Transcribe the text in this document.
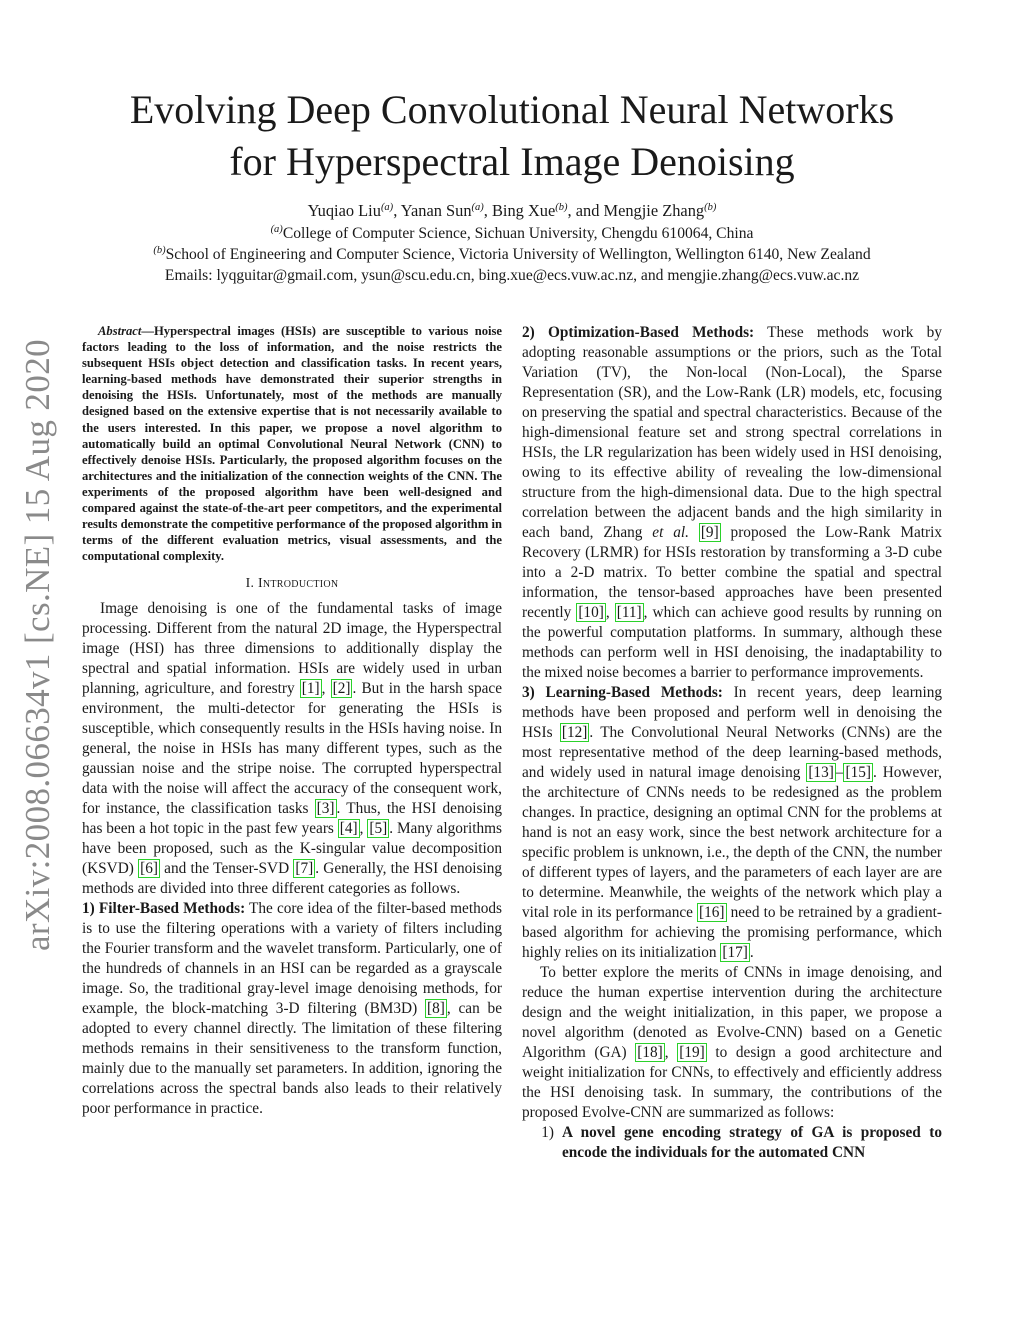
arXiv:2008.06634v1 [cs.NE] 15 Aug 2020
Evolving Deep Convolutional Neural Networks
for Hyperspectral Image Denoising
Yuqiao Liu$^{(a)}$, Yanan Sun$^{(a)}$, Bing Xue$^{(b)}$, and Mengjie Zhang$^{(b)}$
$^{(a)}$College of Computer Science, Sichuan University, Chengdu 610064, China
$^{(b)}$School of Engineering and Computer Science, Victoria University of Wellington, Wellington 6140, New Zealand
Emails: lyqguitar@gmail.com, ysun@scu.edu.cn, bing.xue@ecs.vuw.ac.nz, and mengjie.zhang@ecs.vuw.ac.nz

Abstract—Hyperspectral images (HSIs) are susceptible to various noise factors leading to the loss of information, and the noise restricts the subsequent HSIs object detection and classification tasks. In recent years, learning-based methods have demonstrated their superior strengths in denoising the HSIs. Unfortunately, most of the methods are manually designed based on the extensive expertise that is not necessarily available to the users interested. In this paper, we propose a novel algorithm to automatically build an optimal Convolutional Neural Network (CNN) to effectively denoise HSIs. Particularly, the proposed algorithm focuses on the architectures and the initialization of the connection weights of the CNN. The experiments of the proposed algorithm have been well-designed and compared against the state-of-the-art peer competitors, and the experimental results demonstrate the competitive performance of the proposed algorithm in terms of the different evaluation metrics, visual assessments, and the computational complexity.

I. Introduction

Image denoising is one of the fundamental tasks of image processing. Different from the natural 2D image, the Hyperspectral image (HSI) has three dimensions to additionally display the spectral and spatial information. HSIs are widely used in urban planning, agriculture, and forestry [1] , [2] . But in the harsh space environment, the multi-detector for generating the HSIs is susceptible, which consequently results in the HSIs having noise. In general, the noise in HSIs has many different types, such as the gaussian noise and the stripe noise. The corrupted hyperspectral data with the noise will affect the accuracy of the consequent work, for instance, the classification tasks [3] . Thus, the HSI denoising has been a hot topic in the past few years [4] , [5] . Many algorithms have been proposed, such as the K-singular value decomposition (KSVD) [6] and the Tenser-SVD [7] . Generally, the HSI denoising methods are divided into three different categories as follows.

1) Filter-Based Methods: The core idea of the filter-based methods is to use the filtering operations with a variety of filters including the Fourier transform and the wavelet transform. Particularly, one of the hundreds of channels in an HSI can be regarded as a grayscale image. So, the traditional gray-level image denoising methods, for example, the block-matching 3-D filtering (BM3D) [8] , can be adopted to every channel directly. The limitation of these filtering methods remains in their sensitiveness to the transform function, mainly due to the manually set parameters. In addition, ignoring the correlations across the spectral bands also leads to their relatively poor performance in practice.

2) Optimization-Based Methods: These methods work by adopting reasonable assumptions or the priors, such as the Total Variation (TV), the Non-local (Non-Local), the Sparse Representation (SR), and the Low-Rank (LR) models, etc, focusing on preserving the spatial and spectral characteristics. Because of the high-dimensional feature set and strong spectral correlations in HSIs, the LR regularization has been widely used in HSI denoising, owing to its effective ability of revealing the low-dimensional structure from the high-dimensional data. Due to the high spectral correlation between the adjacent bands and the high similarity in each band, Zhang et al. [9] proposed the Low-Rank Matrix Recovery (LRMR) for HSIs restoration by transforming a 3-D cube into a 2-D matrix. To better combine the spatial and spectral information, the tensor-based approaches have been presented recently [10] , [11] , which can achieve good results by running on the powerful computation platforms. In summary, although these methods can perform well in HSI denoising, the inadaptability to the mixed noise becomes a barrier to performance improvements.

3) Learning-Based Methods: In recent years, deep learning methods have been proposed and perform well in denoising the HSIs [12] . The Convolutional Neural Networks (CNNs) are the most representative method of the deep learning-based methods, and widely used in natural image denoising [13] – [15] . However, the architecture of CNNs needs to be redesigned as the problem changes. In practice, designing an optimal CNN for the problems at hand is not an easy work, since the best network architecture for a specific problem is unknown, i.e., the depth of the CNN, the number of different types of layers, and the parameters of each layer are are to determine. Meanwhile, the weights of the network which play a vital role in its performance [16] need to be retrained by a gradient-based algorithm for achieving the promising performance, which highly relies on its initialization [17] .

To better explore the merits of CNNs in image denoising, and reduce the human expertise intervention during the architecture design and the weight initialization, in this paper, we propose a novel algorithm (denoted as Evolve-CNN) based on a Genetic Algorithm (GA) [18] , [19] to design a good architecture and weight initialization for CNNs, to effectively and efficiently address the HSI denoising task. In summary, the contributions of the proposed Evolve-CNN are summarized as follows:

1) A novel gene encoding strategy of GA is proposed to encode the individuals for the automated CNN
